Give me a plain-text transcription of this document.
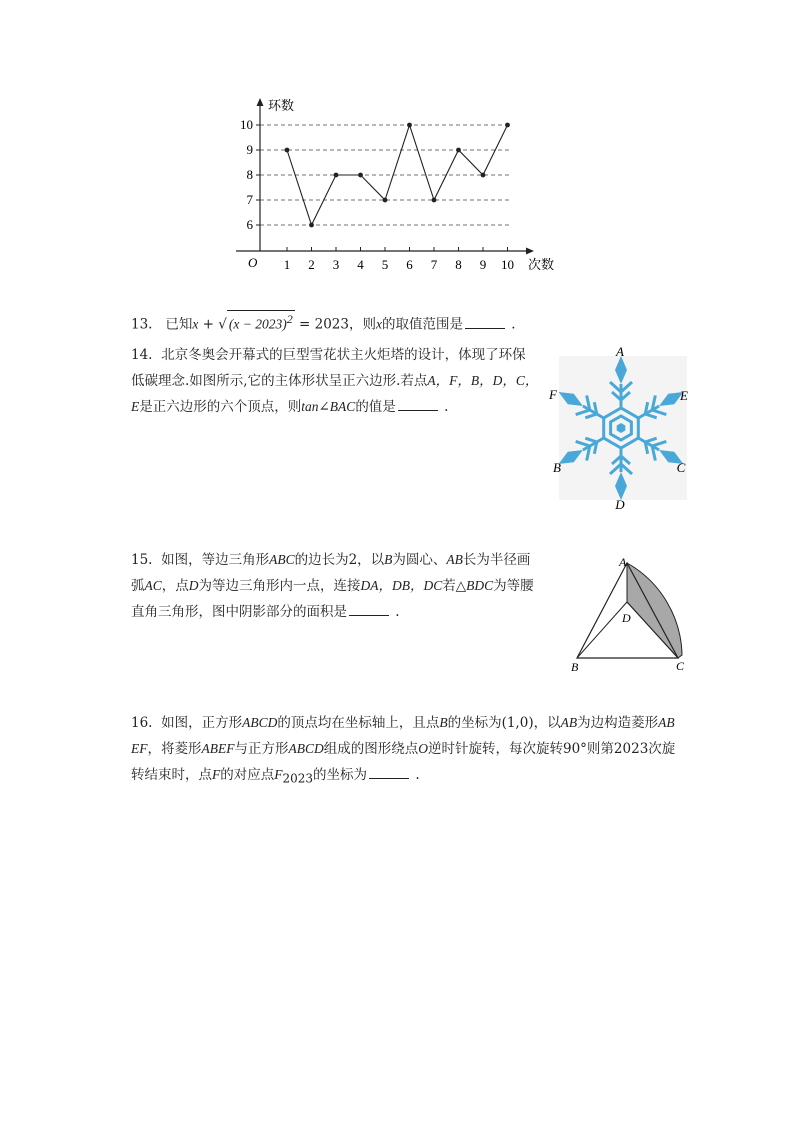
6
7
8
9
10
1 2 3 4 5 6 7 8 9 10
O
环数
次数
13. 已知x + √ $(x - 2023)^2 = 2023$，则x的取值范围是	.
14. 北京冬奥会开幕式的巨型雪花状主火炬塔的设计，体现了环保
低碳理念.如图所示,它的主体形状呈正六边形.若点A，F，B，D，C，
E是正六边形的六个顶点，则tan∠BAC的值是	.
A
F	E
B	C
D
15. 如图，等边三角形ABC的边长为2，以B为圆心、AB长为半径画
弧AC，点D为等边三角形内一点，连接DA，DB，DC若△BDC为等腰
直角三角形，图中阴影部分的面积是	.
A
B	C
D
16. 如图，正方形ABCD的顶点均在坐标轴上，且点B的坐标为(1,0)，以AB为边构造菱形AB
EF，将菱形ABEF与正方形ABCD组成的图形绕点O逆时针旋转，每次旋转90°则第2023次旋
转结束时，点F的对应点$F_{2023}$的坐标为	.
